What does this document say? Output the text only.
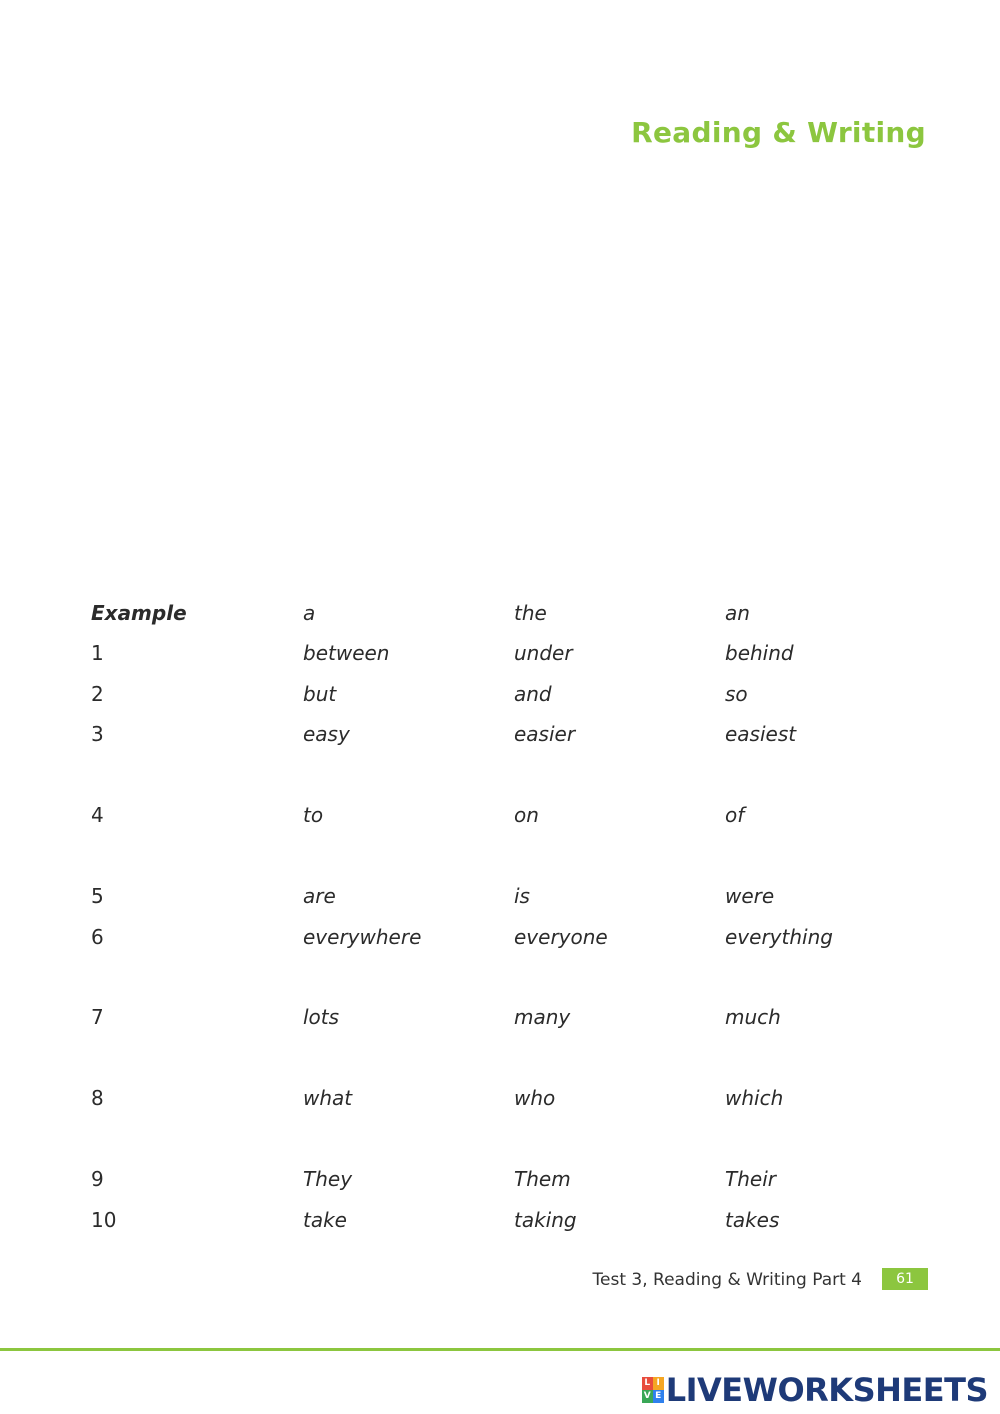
Reading & Writing
Example	a	the	an
1	between	under	behind
2	but	and	so
3	easy	easier	easiest
4	to	on	of
5	are	is	were
6	everywhere	everyone	everything
7	lots	many	much
8	what	who	which
9	They	Them	Their
10	take	taking	takes
Test 3, Reading & Writing Part 4	61
L I
V E LIVEWORKSHEETS
